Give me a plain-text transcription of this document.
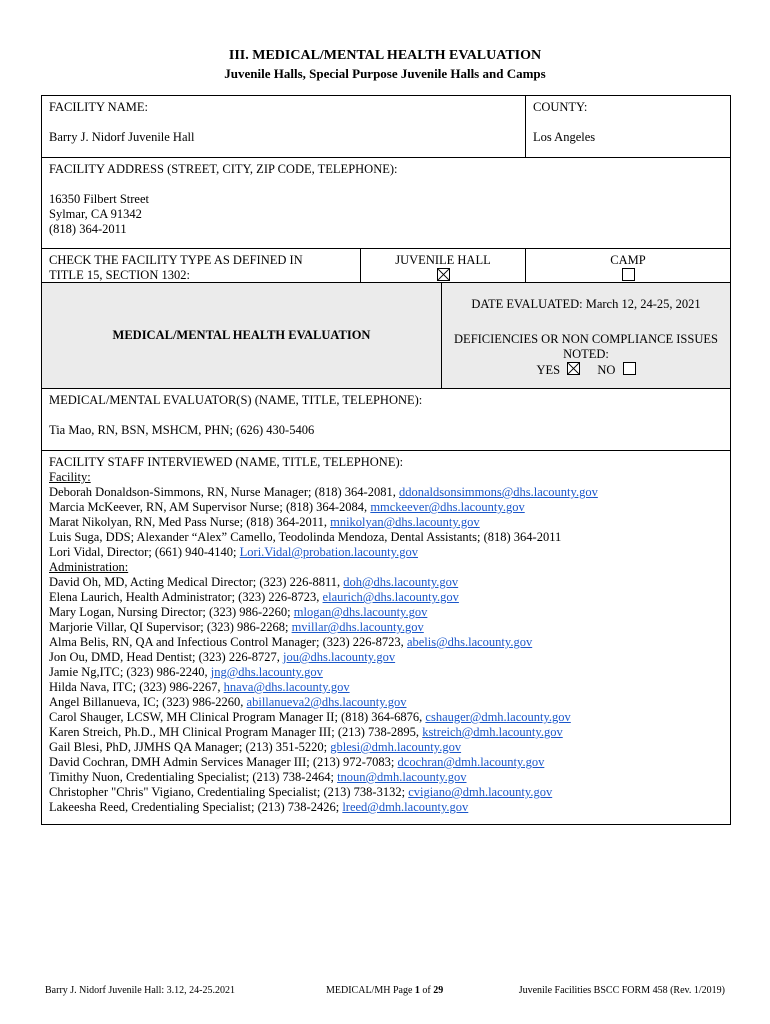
III. MEDICAL/MENTAL HEALTH EVALUATION
Juvenile Halls, Special Purpose Juvenile Halls and Camps
FACILITY NAME:
Barry J. Nidorf Juvenile Hall
COUNTY:
Los Angeles
FACILITY ADDRESS (STREET, CITY, ZIP CODE, TELEPHONE):
16350 Filbert Street
Sylmar, CA 91342
(818) 364-2011
CHECK THE FACILITY TYPE AS DEFINED IN
TITLE 15, SECTION 1302:
JUVENILE HALL	CAMP
MEDICAL/MENTAL HEALTH EVALUATION
DATE EVALUATED: March 12, 24-25, 2021
DEFICIENCIES OR NON COMPLIANCE ISSUES
NOTED:
YES	NO
MEDICAL/MENTAL EVALUATOR(S) (NAME, TITLE, TELEPHONE):
Tia Mao, RN, BSN, MSHCM, PHN; (626) 430-5406
FACILITY STAFF INTERVIEWED (NAME, TITLE, TELEPHONE):
Facility:
Deborah Donaldson-Simmons, RN, Nurse Manager; (818) 364-2081, ddonaldsonsimmons@dhs.lacounty.gov
Marcia McKeever, RN, AM Supervisor Nurse; (818) 364-2084, mmckeever@dhs.lacounty.gov
Marat Nikolyan, RN, Med Pass Nurse; (818) 364-2011, mnikolyan@dhs.lacounty.gov
Luis Suga, DDS; Alexander “Alex” Camello, Teodolinda Mendoza, Dental Assistants; (818) 364-2011
Lori Vidal, Director; (661) 940-4140; Lori.Vidal@probation.lacounty.gov
Administration:
David Oh, MD, Acting Medical Director; (323) 226-8811, doh@dhs.lacounty.gov
Elena Laurich, Health Administrator; (323) 226-8723, elaurich@dhs.lacounty.gov
Mary Logan, Nursing Director; (323) 986-2260; mlogan@dhs.lacounty.gov
Marjorie Villar, QI Supervisor; (323) 986-2268; mvillar@dhs.lacounty.gov
Alma Belis, RN, QA and Infectious Control Manager; (323) 226-8723, abelis@dhs.lacounty.gov
Jon Ou, DMD, Head Dentist; (323) 226-8727, jou@dhs.lacounty.gov
Jamie Ng,ITC; (323) 986-2240, jng@dhs.lacounty.gov
Hilda Nava, ITC; (323) 986-2267, hnava@dhs.lacounty.gov
Angel Billanueva, IC; (323) 986-2260, abillanueva2@dhs.lacounty.gov
Carol Shauger, LCSW, MH Clinical Program Manager II; (818) 364-6876, cshauger@dmh.lacounty.gov
Karen Streich, Ph.D., MH Clinical Program Manager III; (213) 738-2895, kstreich@dmh.lacounty.gov
Gail Blesi, PhD, JJMHS QA Manager; (213) 351-5220; gblesi@dmh.lacounty.gov
David Cochran, DMH Admin Services Manager III; (213) 972-7083; dcochran@dmh.lacounty.gov
Timithy Nuon, Credentialing Specialist; (213) 738-2464; tnoun@dmh.lacounty.gov
Christopher "Chris" Vigiano, Credentialing Specialist; (213) 738-3132; cvigiano@dmh.lacounty.gov
Lakeesha Reed, Credentialing Specialist; (213) 738-2426; lreed@dmh.lacounty.gov
Barry J. Nidorf Juvenile Hall: 3.12, 24-25.2021	MEDICAL/MH Page 1 of 29	Juvenile Facilities BSCC FORM 458 (Rev. 1/2019)
